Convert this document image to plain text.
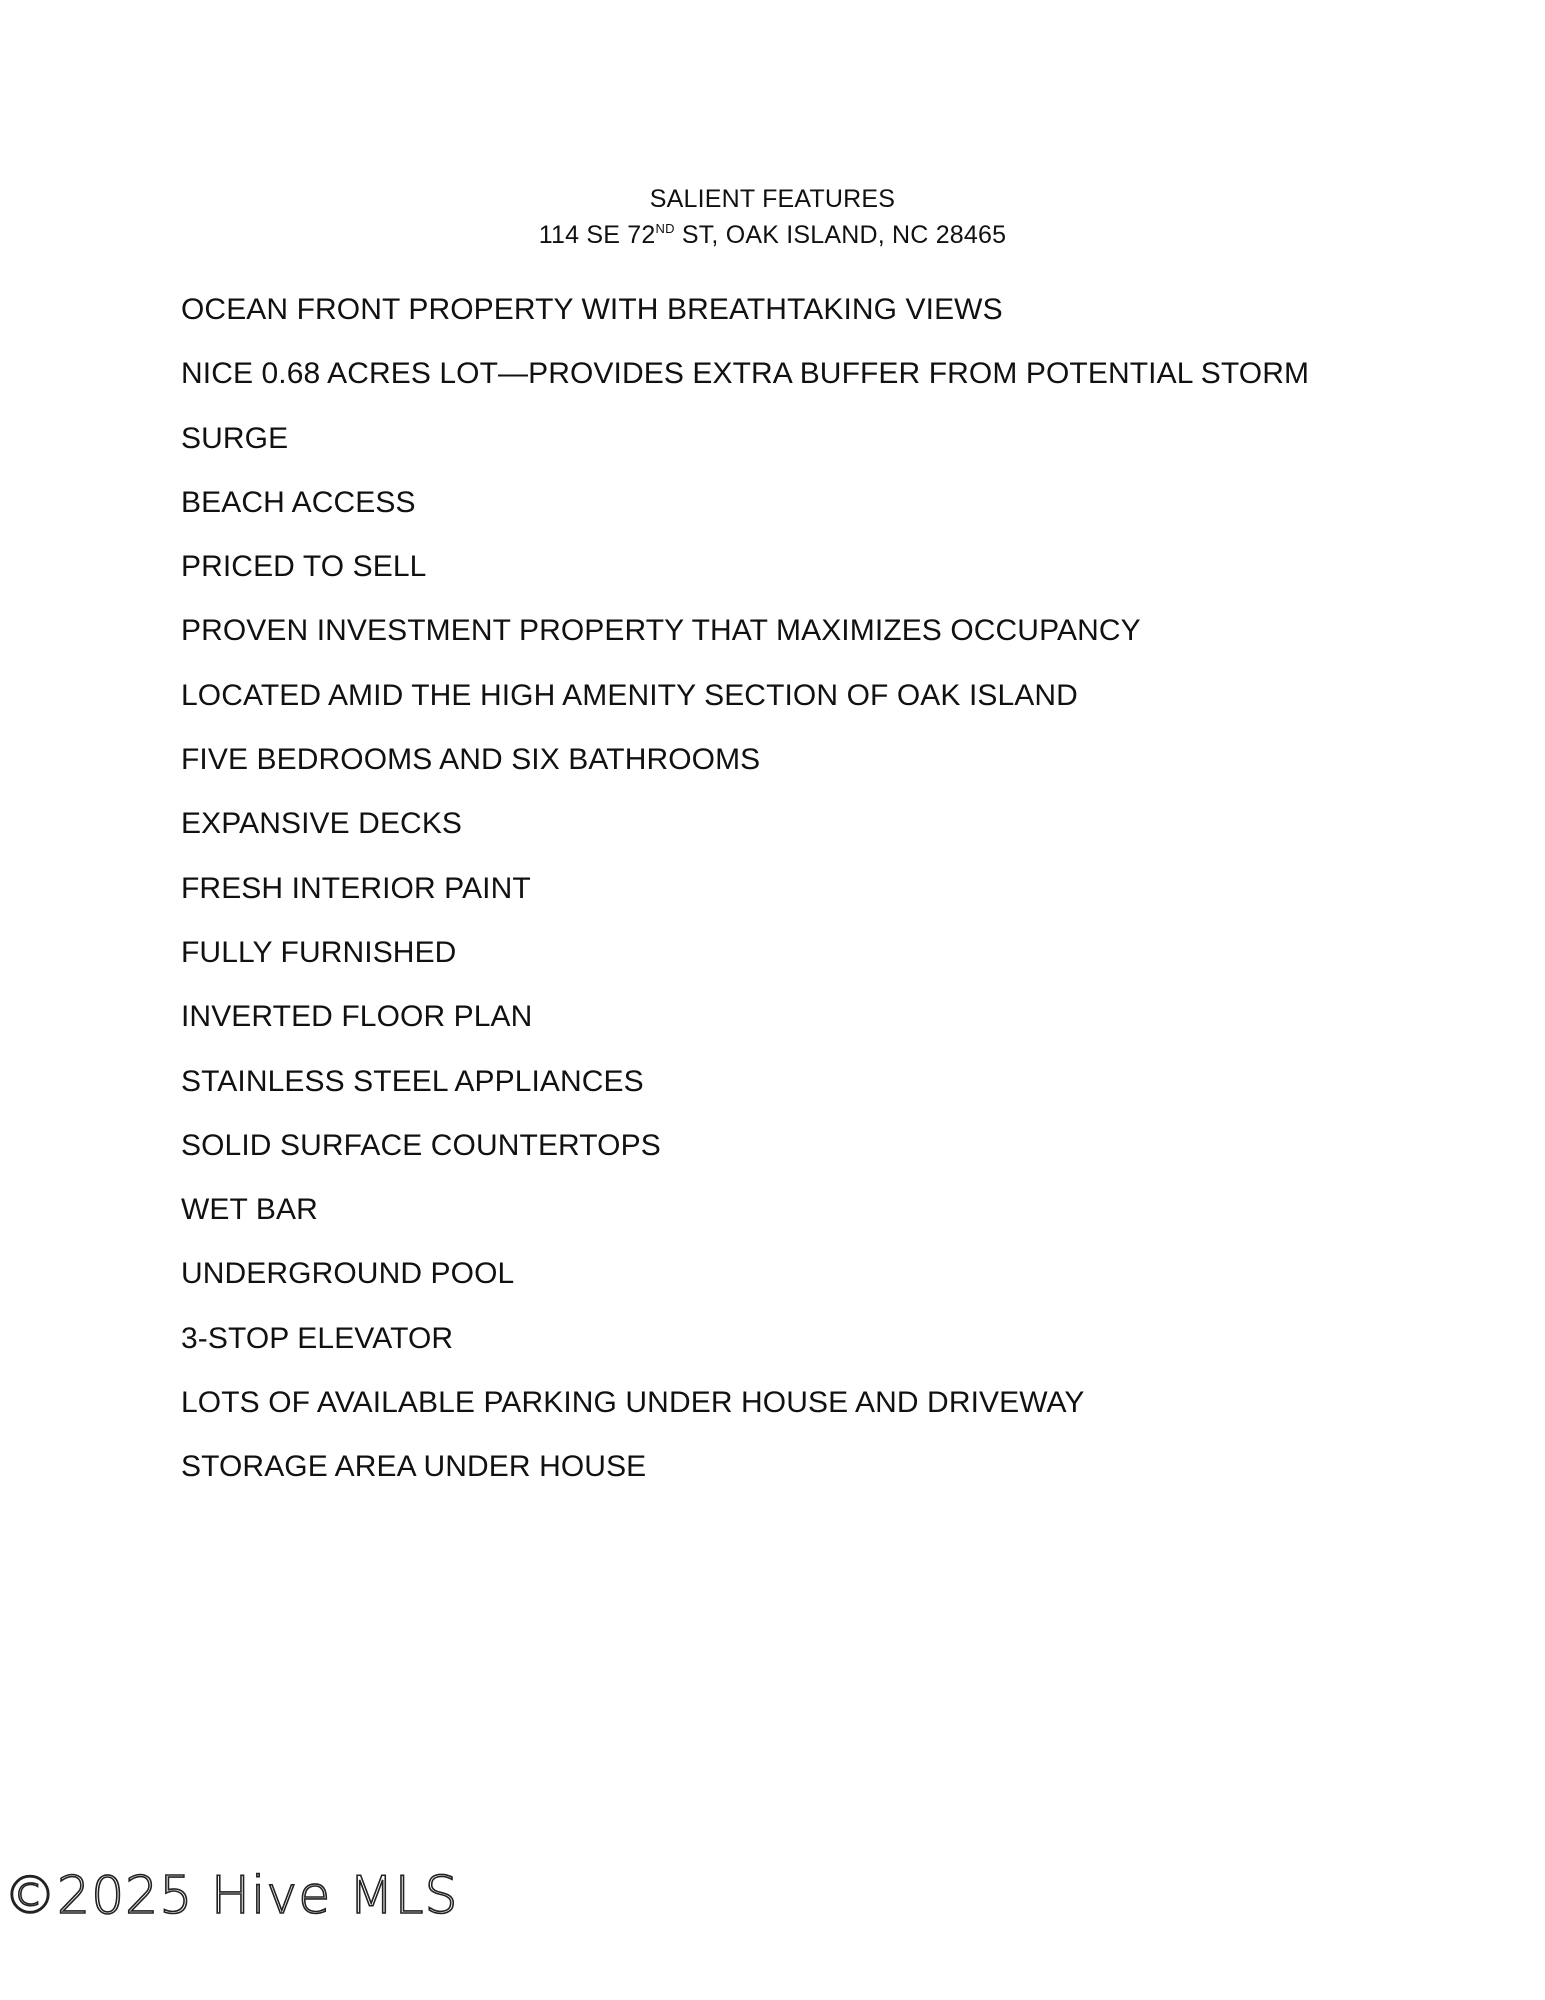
SALIENT FEATURES
114 SE 72ND ST, OAK ISLAND, NC 28465
OCEAN FRONT PROPERTY WITH BREATHTAKING VIEWS
NICE 0.68 ACRES LOT—PROVIDES EXTRA BUFFER FROM POTENTIAL STORM
SURGE
BEACH ACCESS
PRICED TO SELL
PROVEN INVESTMENT PROPERTY THAT MAXIMIZES OCCUPANCY
LOCATED AMID THE HIGH AMENITY SECTION OF OAK ISLAND
FIVE BEDROOMS AND SIX BATHROOMS
EXPANSIVE DECKS
FRESH INTERIOR PAINT
FULLY FURNISHED
INVERTED FLOOR PLAN
STAINLESS STEEL APPLIANCES
SOLID SURFACE COUNTERTOPS
WET BAR
UNDERGROUND POOL
3-STOP ELEVATOR
LOTS OF AVAILABLE PARKING UNDER HOUSE AND DRIVEWAY
STORAGE AREA UNDER HOUSE
©2025 Hive MLS
